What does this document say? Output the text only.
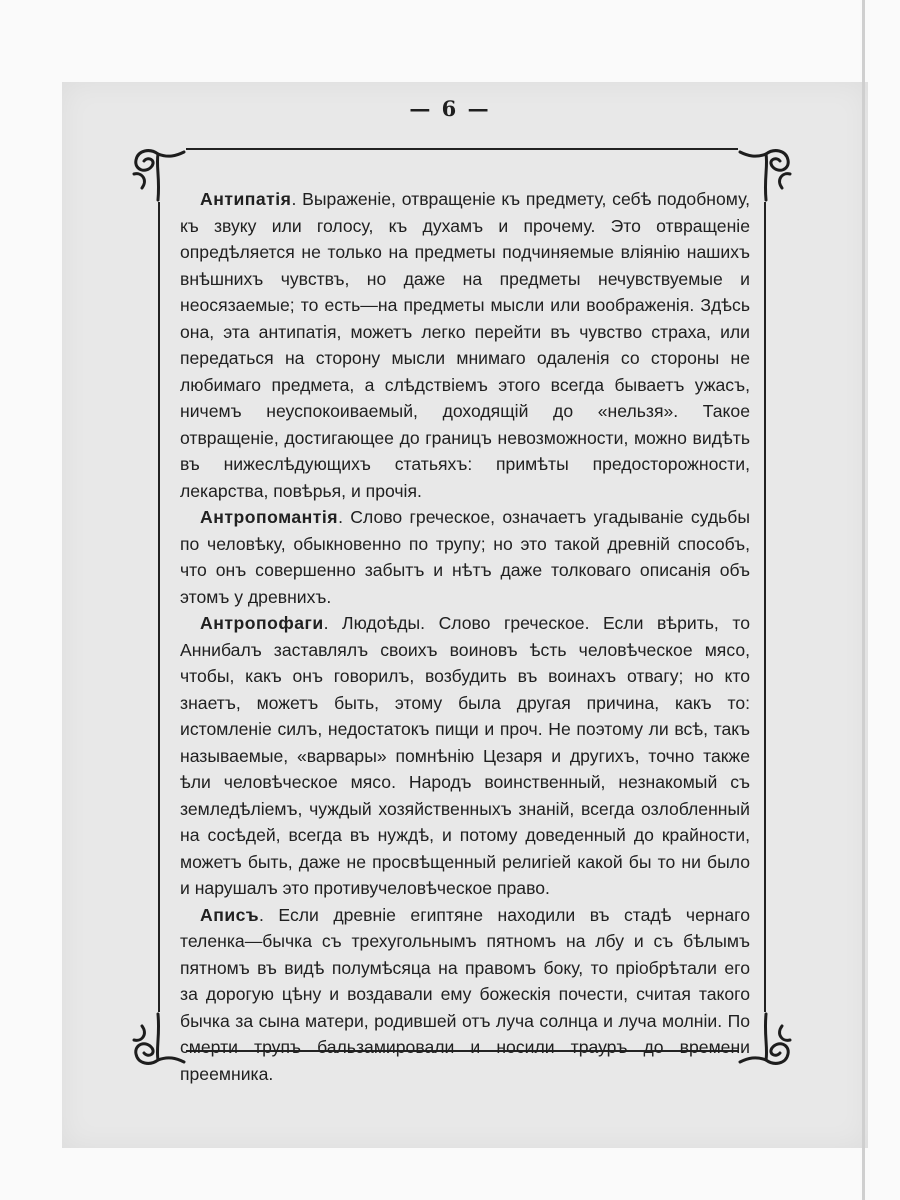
— 6 —

Антипатія. Выраженіе, отвращеніе къ предмету, себѣ подобному, къ звуку или голосу, къ духамъ и прочему. Это отвращеніе опредѣляется не только на предметы подчиняемые вліянію нашихъ внѣшнихъ чувствъ, но даже на предметы нечувствуемые и неосязаемые; то есть—на предметы мысли или воображенія. Здѣсь она, эта антипатія, можетъ легко перейти въ чувство страха, или передаться на сторону мысли мнимаго одаленія со стороны не любимаго предмета, а слѣдствіемъ этого всегда бываетъ ужасъ, ничемъ неуспокоиваемый, доходящій до «нельзя». Такое отвращеніе, достигающее до границъ невозможности, можно видѣть въ нижеслѣдующихъ статьяхъ: примѣты предосторожности, лекарства, повѣрья, и прочія.

Антропомантія. Слово греческое, означаетъ угадываніе судьбы по человѣку, обыкновенно по трупу; но это такой древній способъ, что онъ совершенно забытъ и нѣтъ даже толковаго описанія объ этомъ у древнихъ.

Антропофаги. Людоѣды. Слово греческое. Если вѣрить, то Аннибалъ заставлялъ своихъ воиновъ ѣсть человѣческое мясо, чтобы, какъ онъ говорилъ, возбудить въ воинахъ отвагу; но кто знаетъ, можетъ быть, этому была другая причина, какъ то: истомленіе силъ, недостатокъ пищи и проч. Не поэтому ли всѣ, такъ называемые, «варвары» помнѣнію Цезаря и другихъ, точно также ѣли человѣческое мясо. Народъ воинственный, незнакомый съ земледѣліемъ, чуждый хозяйственныхъ знаній, всегда озлобленный на сосѣдей, всегда въ нуждѣ, и потому доведенный до крайности, можетъ быть, даже не просвѣщенный религіей какой бы то ни было и нарушалъ это противучеловѣческое право.

Аписъ. Если древніе египтяне находили въ стадѣ чернаго теленка—бычка съ трехугольнымъ пятномъ на лбу и съ бѣлымъ пятномъ въ видѣ полумѣсяца на правомъ боку, то пріобрѣтали его за дорогую цѣну и воздавали ему божескія почести, считая такого бычка за сына матери, родившей отъ луча солнца и луча молніи. По смерти трупъ бальзамировали и носили трауръ до времени преемника.
